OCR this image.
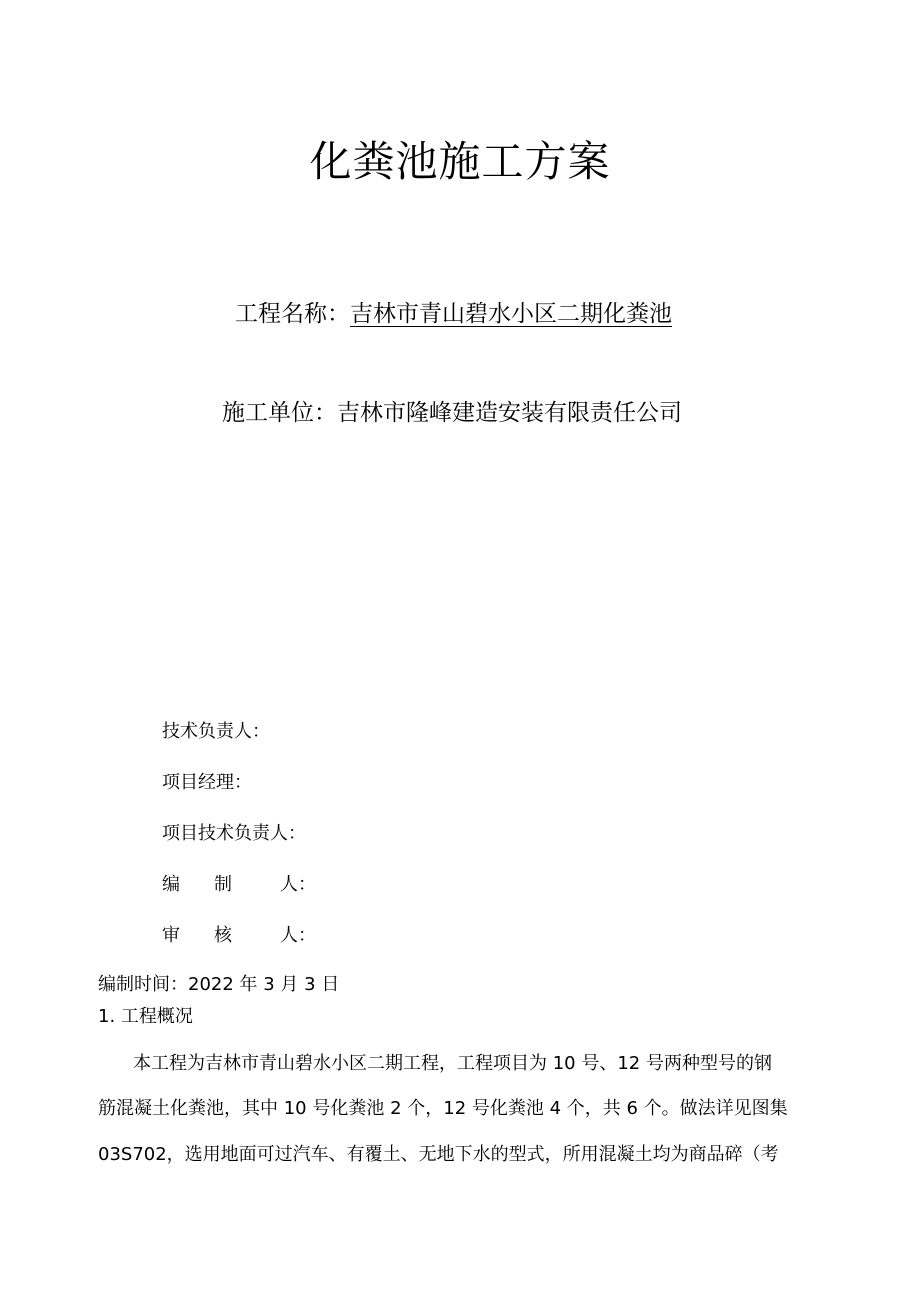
化粪池施工方案
工程名称：吉林市青山碧水小区二期化粪池
施工单位：吉林市隆峰建造安装有限责任公司
技术负责人：
项目经理：
项目技术负责人：
编 制	人：
审 核	人：
编制时间：2022 年 3 月 3 日
1. 工程概况
本工程为吉林市青山碧水小区二期工程，工程项目为 10 号、12 号两种型号的钢
筋混凝土化粪池，其中 10 号化粪池 2 个，12 号化粪池 4 个，共 6 个。做法详见图集
03S702，选用地面可过汽车、有覆土、无地下水的型式，所用混凝土均为商品碎（考
